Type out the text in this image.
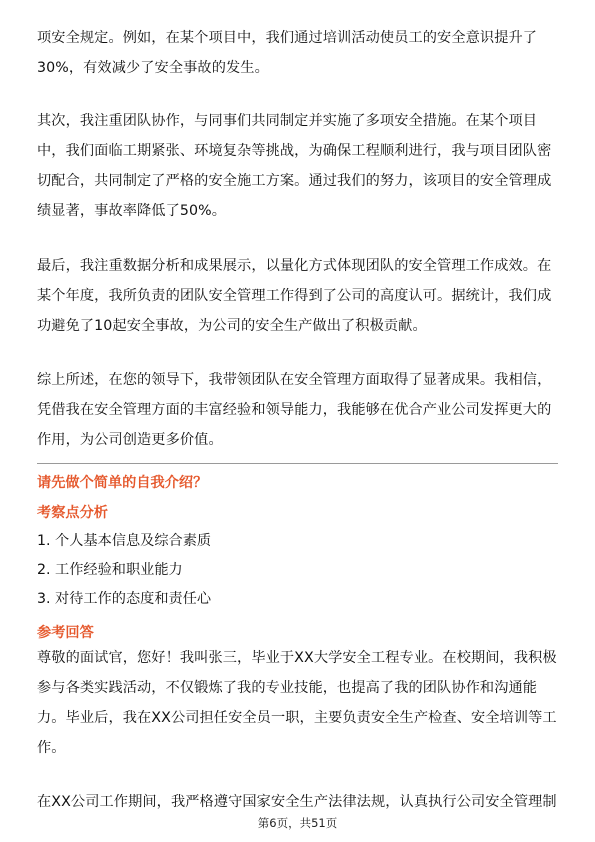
项安全规定。例如，在某个项目中，我们通过培训活动使员工的安全意识提升了
30%，有效减少了安全事故的发生。
其次，我注重团队协作，与同事们共同制定并实施了多项安全措施。在某个项目
中，我们面临工期紧张、环境复杂等挑战，为确保工程顺利进行，我与项目团队密
切配合，共同制定了严格的安全施工方案。通过我们的努力，该项目的安全管理成
绩显著，事故率降低了50%。
最后，我注重数据分析和成果展示，以量化方式体现团队的安全管理工作成效。在
某个年度，我所负责的团队安全管理工作得到了公司的高度认可。据统计，我们成
功避免了10起安全事故，为公司的安全生产做出了积极贡献。
综上所述，在您的领导下，我带领团队在安全管理方面取得了显著成果。我相信，
凭借我在安全管理方面的丰富经验和领导能力，我能够在优合产业公司发挥更大的
作用，为公司创造更多价值。
请先做个简单的自我介绍？
考察点分析
1. 个人基本信息及综合素质
2. 工作经验和职业能力
3. 对待工作的态度和责任心
参考回答
尊敬的面试官，您好！我叫张三，毕业于XX大学安全工程专业。在校期间，我积极
参与各类实践活动，不仅锻炼了我的专业技能，也提高了我的团队协作和沟通能
力。毕业后，我在XX公司担任安全员一职，主要负责安全生产检查、安全培训等工
作。
在XX公司工作期间，我严格遵守国家安全生产法律法规，认真执行公司安全管理制
第6页，共51页
